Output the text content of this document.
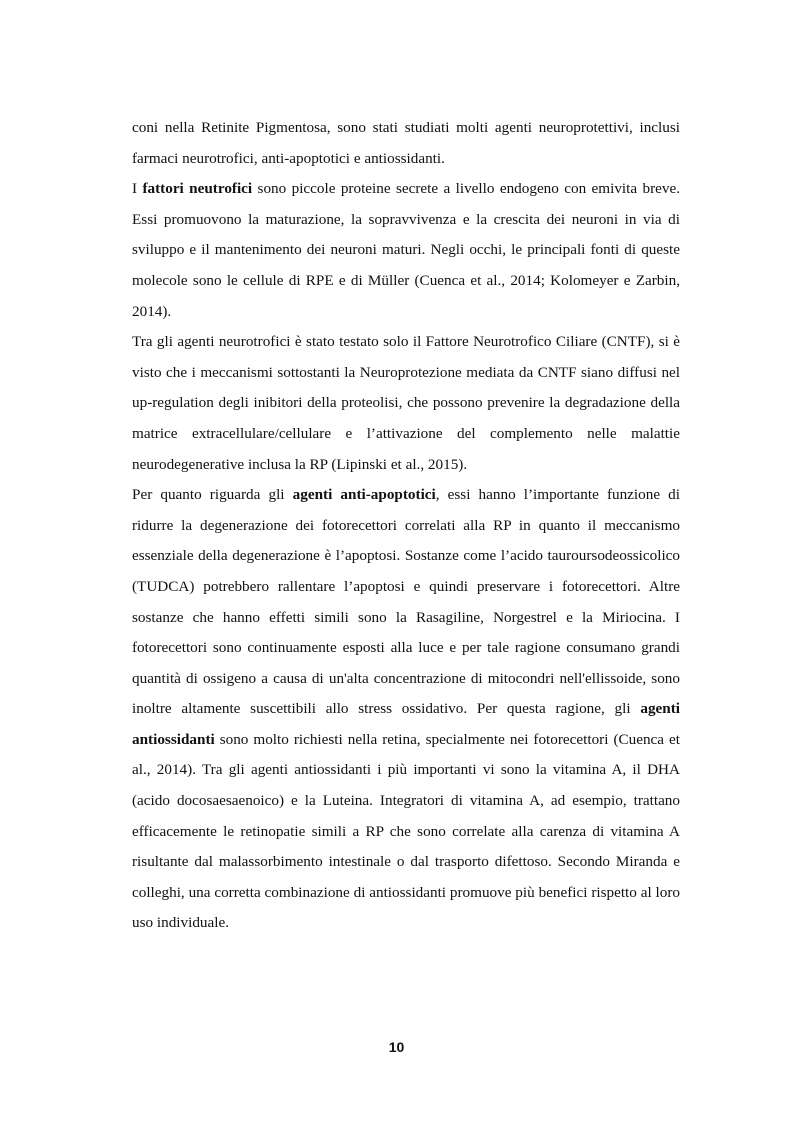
coni nella Retinite Pigmentosa, sono stati studiati molti agenti neuroprotettivi, inclusi farmaci neurotrofici, anti-apoptotici e antiossidanti.

I fattori neutrofici sono piccole proteine secrete a livello endogeno con emivita breve. Essi promuovono la maturazione, la sopravvivenza e la crescita dei neuroni in via di sviluppo e il mantenimento dei neuroni maturi. Negli occhi, le principali fonti di queste molecole sono le cellule di RPE e di Müller (Cuenca et al., 2014; Kolomeyer e Zarbin, 2014).

Tra gli agenti neurotrofici è stato testato solo il Fattore Neurotrofico Ciliare (CNTF), si è visto che i meccanismi sottostanti la Neuroprotezione mediata da CNTF siano diffusi nel up-regulation degli inibitori della proteolisi, che possono prevenire la degradazione della matrice extracellulare/cellulare e l’attivazione del complemento nelle malattie neurodegenerative inclusa la RP (Lipinski et al., 2015).

Per quanto riguarda gli agenti anti-apoptotici, essi hanno l’importante funzione di ridurre la degenerazione dei fotorecettori correlati alla RP in quanto il meccanismo essenziale della degenerazione è l’apoptosi. Sostanze come l’acido tauroursodeossicolico (TUDCA) potrebbero rallentare l’apoptosi e quindi preservare i fotorecettori. Altre sostanze che hanno effetti simili sono la Rasagiline, Norgestrel e la Miriocina. I fotorecettori sono continuamente esposti alla luce e per tale ragione consumano grandi quantità di ossigeno a causa di un'alta concentrazione di mitocondri nell'ellissoide, sono inoltre altamente suscettibili allo stress ossidativo. Per questa ragione, gli agenti antiossidanti sono molto richiesti nella retina, specialmente nei fotorecettori (Cuenca et al., 2014). Tra gli agenti antiossidanti i più importanti vi sono la vitamina A, il DHA (acido docosaesaenoico) e la Luteina. Integratori di vitamina A, ad esempio, trattano efficacemente le retinopatie simili a RP che sono correlate alla carenza di vitamina A risultante dal malassorbimento intestinale o dal trasporto difettoso. Secondo Miranda e colleghi, una corretta combinazione di antiossidanti promuove più benefici rispetto al loro uso individuale.

10
